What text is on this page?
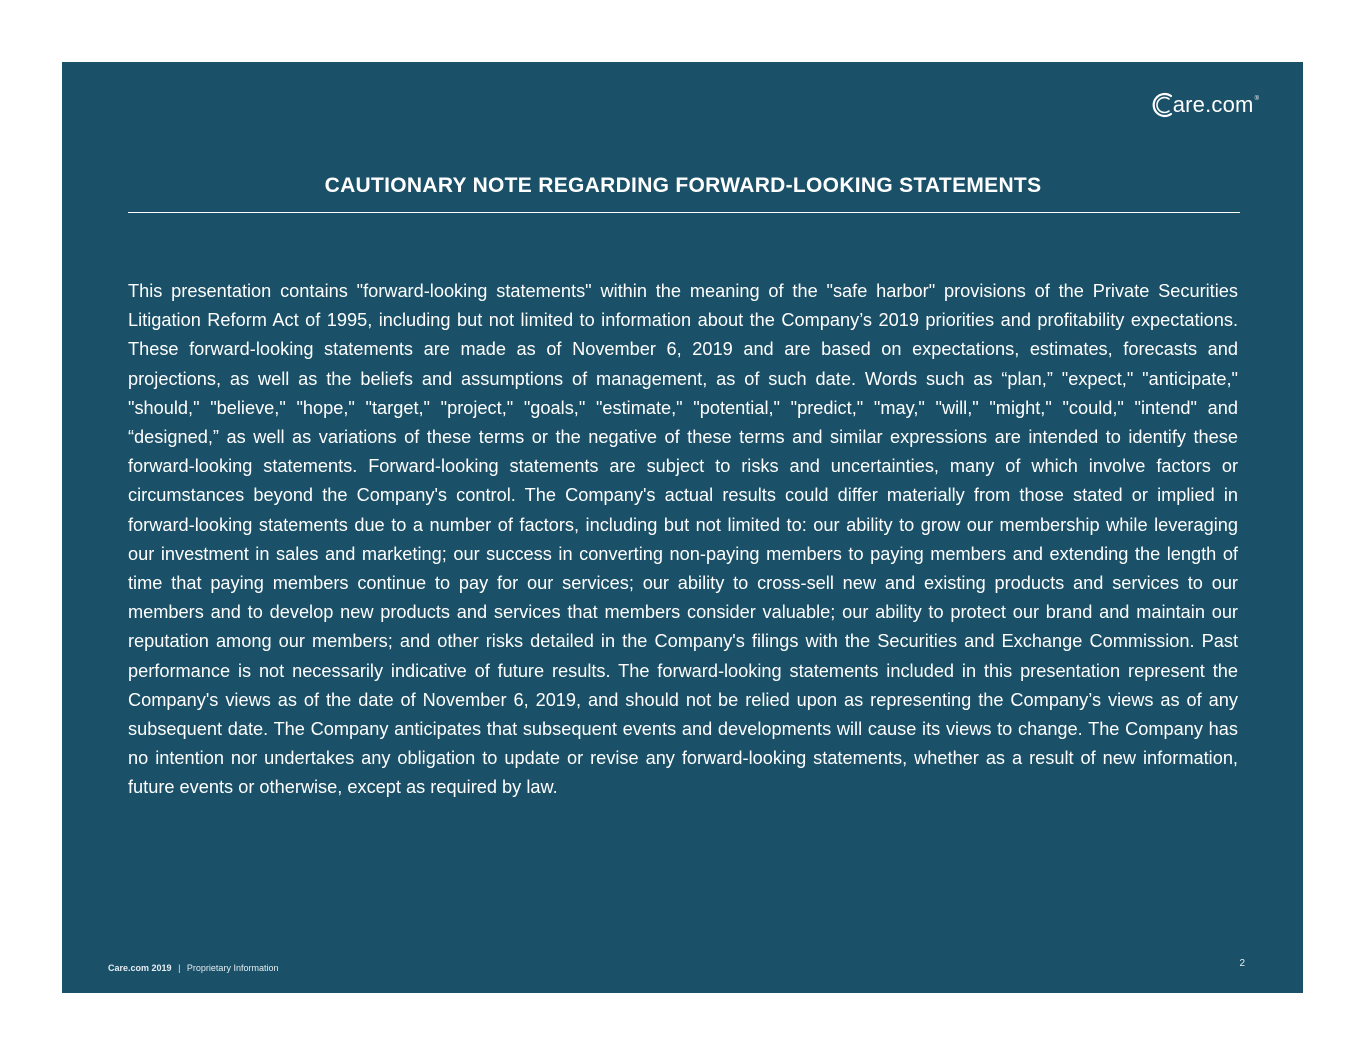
are.com ®
CAUTIONARY NOTE REGARDING FORWARD-LOOKING STATEMENTS

This presentation contains "forward-looking statements" within the meaning of the "safe harbor" provisions of the Private Securities Litigation Reform Act of 1995, including but not limited to information about the Company’s 2019 priorities and profitability expectations. These forward-looking statements are made as of November 6, 2019 and are based on expectations, estimates, forecasts and projections, as well as the beliefs and assumptions of management, as of such date. Words such as “plan,” "expect," "anticipate," "should," "believe," "hope," "target," "project," "goals," "estimate," "potential," "predict," "may," "will," "might," "could," "intend" and “designed,” as well as variations of these terms or the negative of these terms and similar expressions are intended to identify these forward-looking statements. Forward-looking statements are subject to risks and uncertainties, many of which involve factors or circumstances beyond the Company's control. The Company's actual results could differ materially from those stated or implied in forward-looking statements due to a number of factors, including but not limited to: our ability to grow our membership while leveraging our investment in sales and marketing; our success in converting non-paying members to paying members and extending the length of time that paying members continue to pay for our services; our ability to cross-sell new and existing products and services to our members and to develop new products and services that members consider valuable; our ability to protect our brand and maintain our reputation among our members; and other risks detailed in the Company's filings with the Securities and Exchange Commission. Past performance is not necessarily indicative of future results. The forward-looking statements included in this presentation represent the Company's views as of the date of November 6, 2019, and should not be relied upon as representing the Company’s views as of any subsequent date. The Company anticipates that subsequent events and developments will cause its views to change. The Company has no intention nor undertakes any obligation to update or revise any forward-looking statements, whether as a result of new information, future events or otherwise, except as required by law.

Care.com 2019 | Proprietary Information	2
